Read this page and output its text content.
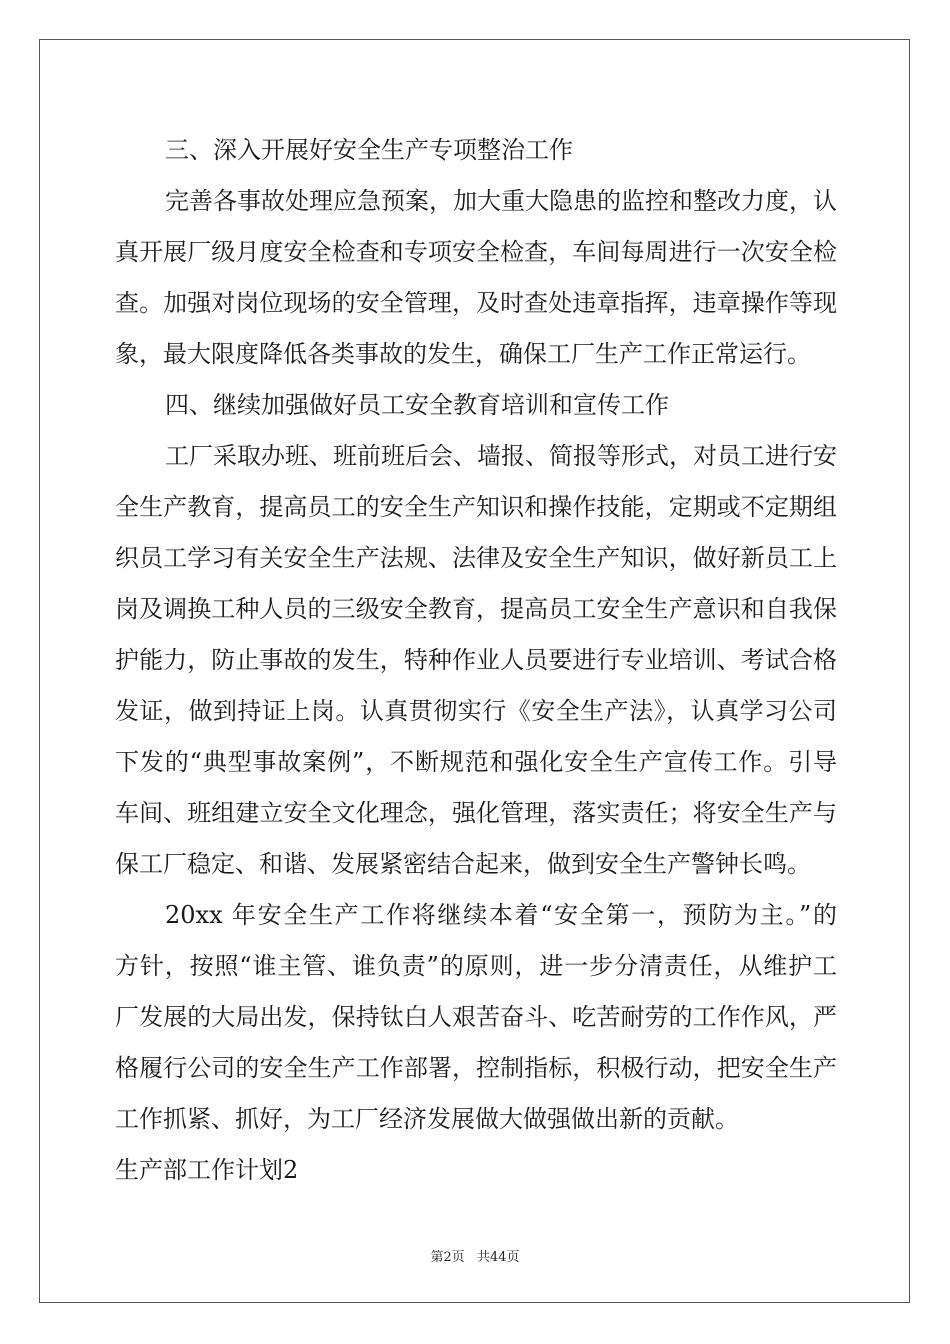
三、深入开展好安全生产专项整治工作
完善各事故处理应急预案，加大重大隐患的监控和整改力度，认
真开展厂级月度安全检查和专项安全检查，车间每周进行一次安全检
查。加强对岗位现场的安全管理，及时查处违章指挥，违章操作等现
象，最大限度降低各类事故的发生，确保工厂生产工作正常运行。
四、继续加强做好员工安全教育培训和宣传工作
工厂采取办班、班前班后会、墙报、简报等形式，对员工进行安
全生产教育，提高员工的安全生产知识和操作技能，定期或不定期组
织员工学习有关安全生产法规、法律及安全生产知识，做好新员工上
岗及调换工种人员的三级安全教育，提高员工安全生产意识和自我保
护能力，防止事故的发生，特种作业人员要进行专业培训、考试合格
发证，做到持证上岗。认真贯彻实行《安全生产法》，认真学习公司
下发的“典型事故案例”，不断规范和强化安全生产宣传工作。引导
车间、班组建立安全文化理念，强化管理，落实责任；将安全生产与
保工厂稳定、和谐、发展紧密结合起来，做到安全生产警钟长鸣。
20xx 年安全生产工作将继续本着“安全第一，预防为主。”的
方针，按照“谁主管、谁负责”的原则，进一步分清责任，从维护工
厂发展的大局出发，保持钛白人艰苦奋斗、吃苦耐劳的工作作风，严
格履行公司的安全生产工作部署，控制指标，积极行动，把安全生产
工作抓紧、抓好，为工厂经济发展做大做强做出新的贡献。
生产部工作计划2
第2页 共44页
